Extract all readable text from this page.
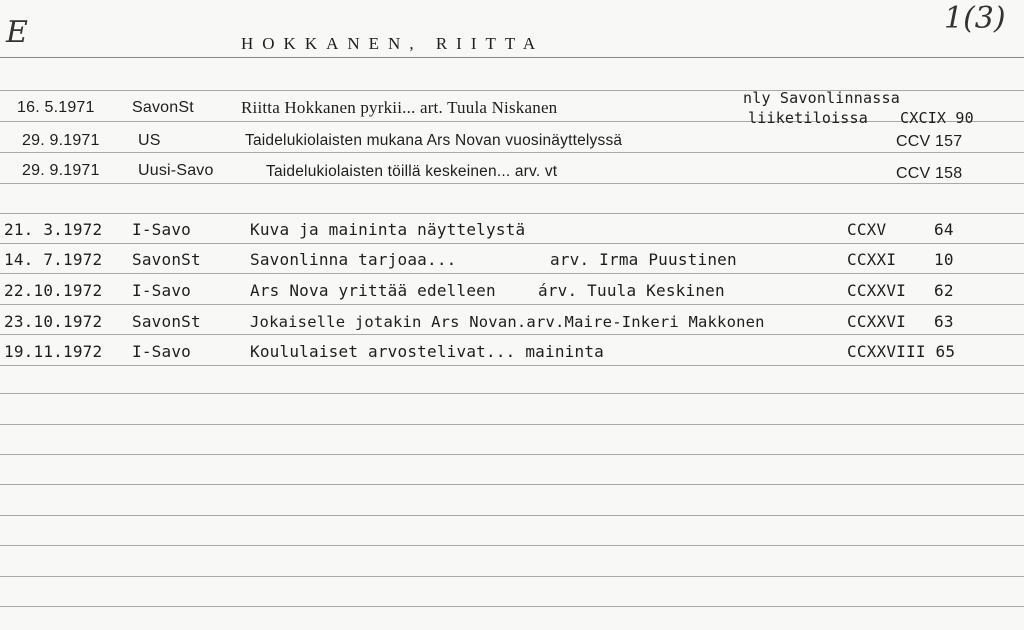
E	1(3)
HOKKANEN, RIITTA
16. 5.1971 SavonSt	Riitta Hokkanen pyrkii... art. Tuula Niskanen	nly Savonlinnassa
liiketiloissa CXCIX 90
29. 9.1971 US	Taidelukiolaisten mukana Ars Novan vuosinäyttelyssä	CCV 157
29. 9.1971 Uusi-Savo	Taidelukiolaisten töillä keskeinen... arv. vt	CCV 158
21. 3.1972 I-Savo	Kuva ja maininta näyttelystä	CCXV	64
14. 7.1972 SavonSt	Savonlinna tarjoaa...	arv. Irma Puustinen	CCXXI 10
22.10.1972 I-Savo	Ars Nova yrittää edelleen	árv. Tuula Keskinen	CCXXVI 62
23.10.1972 SavonSt	Jokaiselle jotakin Ars Novan.arv.Maire-Inkeri Makkonen	CCXXVI 63
19.11.1972 I-Savo	Koululaiset arvostelivat... maininta	CCXXVIII 65
